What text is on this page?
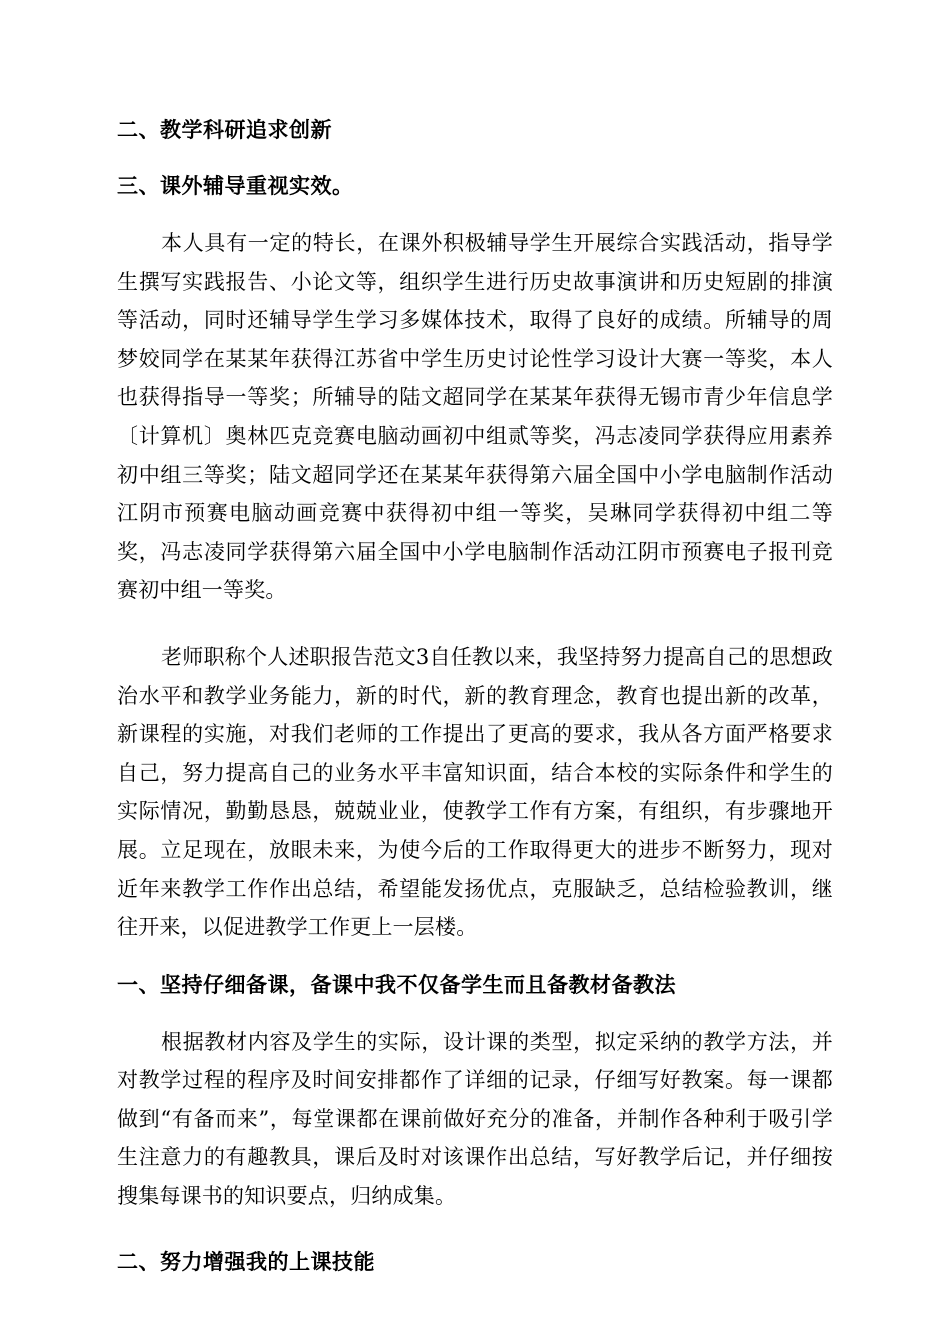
二、教学科研追求创新
三、课外辅导重视实效。

本人具有一定的特长，在课外积极辅导学生开展综合实践活动，指导学生撰写实践报告、小论文等，组织学生进行历史故事演讲和历史短剧的排演等活动，同时还辅导学生学习多媒体技术，取得了良好的成绩。所辅导的周梦姣同学在某某年获得江苏省中学生历史讨论性学习设计大赛一等奖，本人也获得指导一等奖；所辅导的陆文超同学在某某年获得无锡市青少年信息学〔计算机〕奥林匹克竞赛电脑动画初中组贰等奖，冯志凌同学获得应用素养初中组三等奖；陆文超同学还在某某年获得第六届全国中小学电脑制作活动江阴市预赛电脑动画竞赛中获得初中组一等奖，吴琳同学获得初中组二等奖，冯志凌同学获得第六届全国中小学电脑制作活动江阴市预赛电子报刊竞赛初中组一等奖。

老师职称个人述职报告范文3自任教以来，我坚持努力提高自己的思想政治水平和教学业务能力，新的时代，新的教育理念，教育也提出新的改革，新课程的实施，对我们老师的工作提出了更高的要求，我从各方面严格要求自己，努力提高自己的业务水平丰富知识面，结合本校的实际条件和学生的实际情况，勤勤恳恳，兢兢业业，使教学工作有方案，有组织，有步骤地开展。立足现在，放眼未来，为使今后的工作取得更大的进步不断努力，现对近年来教学工作作出总结，希望能发扬优点，克服缺乏，总结检验教训，继往开来，以促进教学工作更上一层楼。

一、坚持仔细备课，备课中我不仅备学生而且备教材备教法

根据教材内容及学生的实际，设计课的类型，拟定采纳的教学方法，并对教学过程的程序及时间安排都作了详细的记录，仔细写好教案。每一课都做到“有备而来”，每堂课都在课前做好充分的准备，并制作各种利于吸引学生注意力的有趣教具，课后及时对该课作出总结，写好教学后记，并仔细按搜集每课书的知识要点，归纳成集。

二、努力增强我的上课技能
